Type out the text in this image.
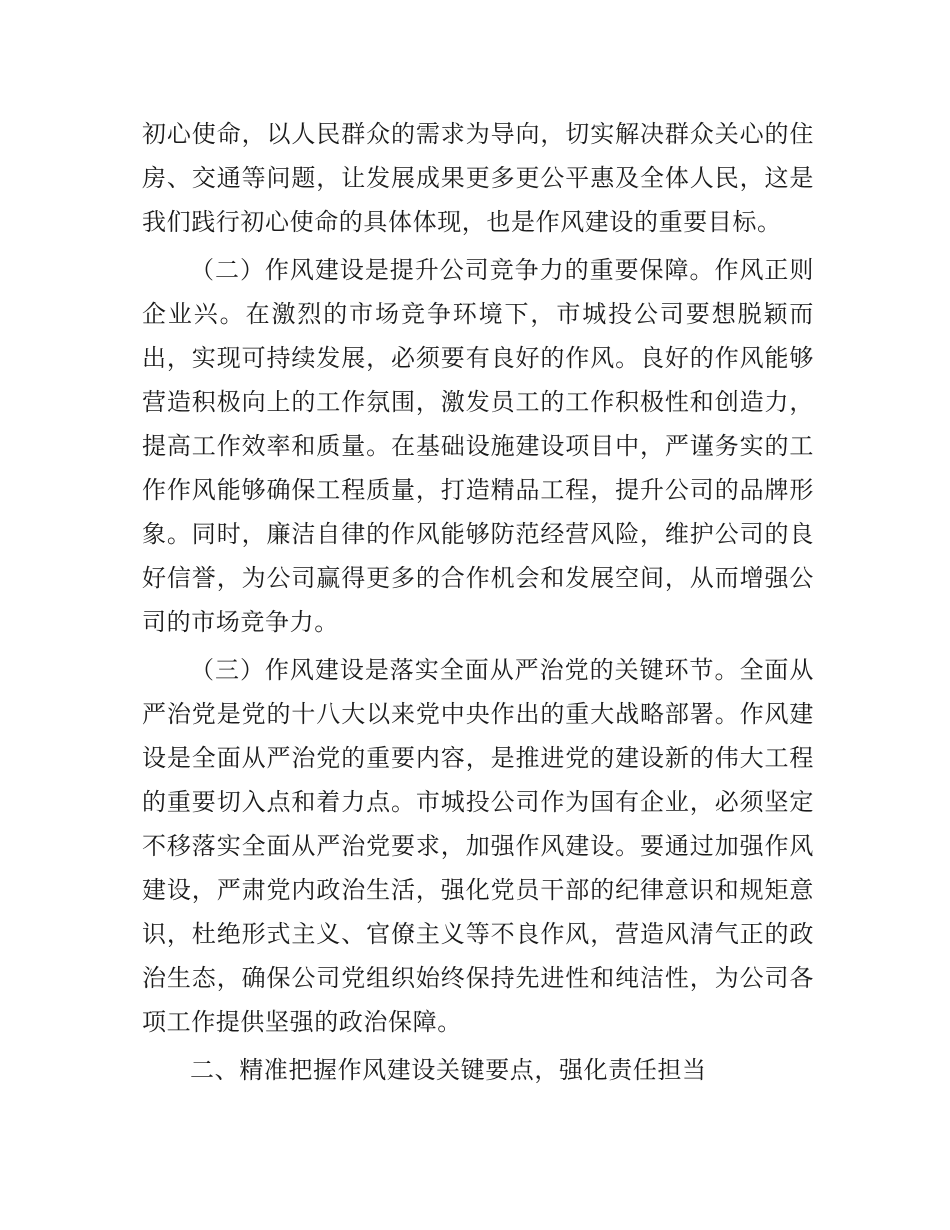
初心使命，以人民群众的需求为导向，切实解决群众关心的住房、交通等问题，让发展成果更多更公平惠及全体人民，这是我们践行初心使命的具体体现，也是作风建设的重要目标。

（二）作风建设是提升公司竞争力的重要保障。作风正则企业兴。在激烈的市场竞争环境下，市城投公司要想脱颖而出，实现可持续发展，必须要有良好的作风。良好的作风能够营造积极向上的工作氛围，激发员工的工作积极性和创造力，提高工作效率和质量。在基础设施建设项目中，严谨务实的工作作风能够确保工程质量，打造精品工程，提升公司的品牌形象。同时，廉洁自律的作风能够防范经营风险，维护公司的良好信誉，为公司赢得更多的合作机会和发展空间，从而增强公司的市场竞争力。

（三）作风建设是落实全面从严治党的关键环节。全面从严治党是党的十八大以来党中央作出的重大战略部署。作风建设是全面从严治党的重要内容，是推进党的建设新的伟大工程的重要切入点和着力点。市城投公司作为国有企业，必须坚定不移落实全面从严治党要求，加强作风建设。要通过加强作风建设，严肃党内政治生活，强化党员干部的纪律意识和规矩意识，杜绝形式主义、官僚主义等不良作风，营造风清气正的政治生态，确保公司党组织始终保持先进性和纯洁性，为公司各项工作提供坚强的政治保障。

二、精准把握作风建设关键要点，强化责任担当
